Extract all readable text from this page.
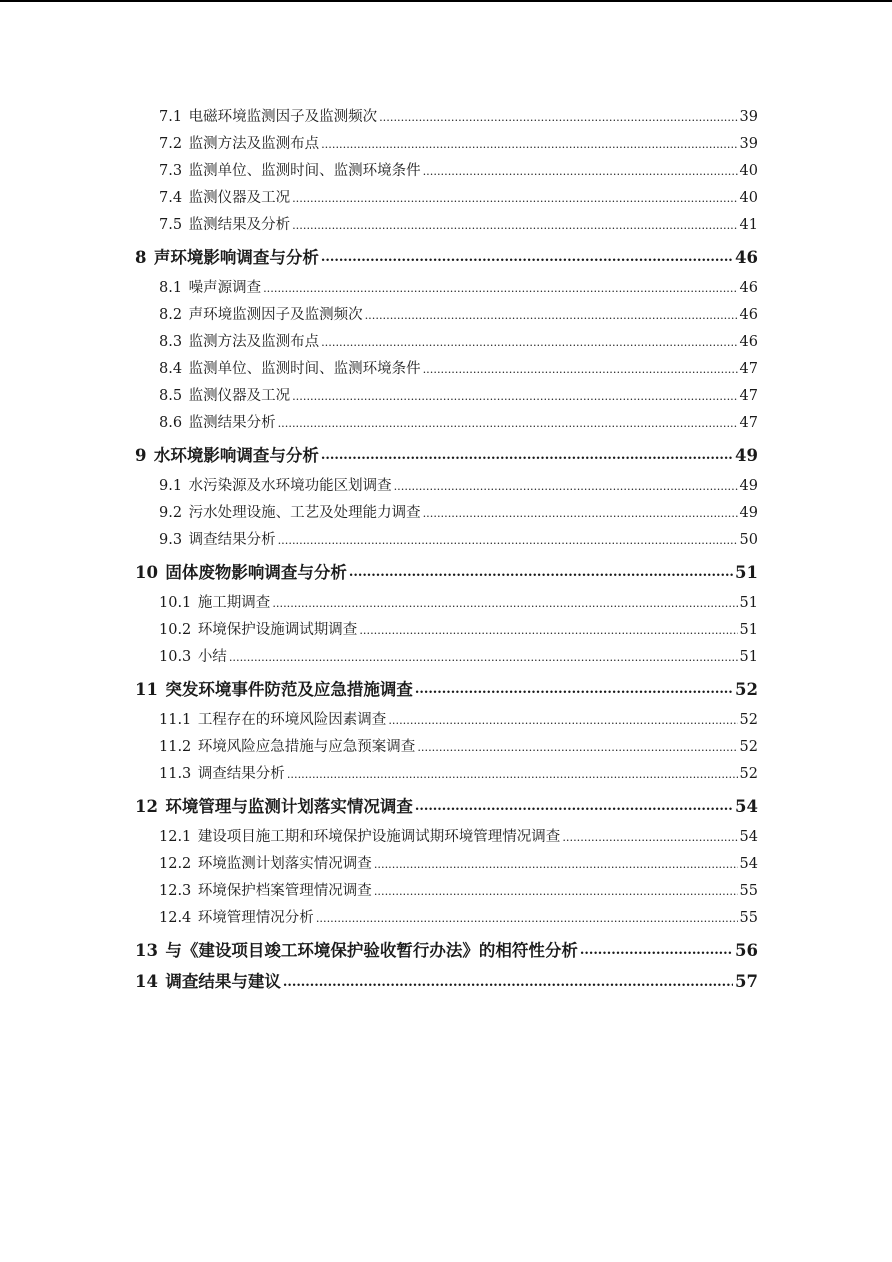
7.1 电磁环境监测因子及监测频次 .....	39
7.2 监测方法及监测布点 .....	39
7.3 监测单位、监测时间、监测环境条件 .....	40
7.4 监测仪器及工况 .....	40
7.5 监测结果及分析 .....	41
8 声环境影响调查与分析 .....	46
8.1 噪声源调查 .....	46
8.2 声环境监测因子及监测频次 .....	46
8.3 监测方法及监测布点 .....	46
8.4 监测单位、监测时间、监测环境条件 .....	47
8.5 监测仪器及工况 .....	47
8.6 监测结果分析 .....	47
9 水环境影响调查与分析 .....	49
9.1 水污染源及水环境功能区划调查 .....	49
9.2 污水处理设施、工艺及处理能力调查 .....	49
9.3 调查结果分析 .....	50
10 固体废物影响调查与分析 .....	51
10.1 施工期调查 .....	51
10.2 环境保护设施调试期调查 .....	51
10.3 小结 .....	51
11 突发环境事件防范及应急措施调查 .....	52
11.1 工程存在的环境风险因素调查 .....	52
11.2 环境风险应急措施与应急预案调查 .....	52
11.3 调查结果分析 .....	52
12 环境管理与监测计划落实情况调查 .....	54
12.1 建设项目施工期和环境保护设施调试期环境管理情况调查 .....	54
12.2 环境监测计划落实情况调查 .....	54
12.3 环境保护档案管理情况调查 .....	55
12.4 环境管理情况分析 .....	55
13 与《建设项目竣工环境保护验收暂行办法》的相符性分析 .....	56
14 调查结果与建议 .....	57
